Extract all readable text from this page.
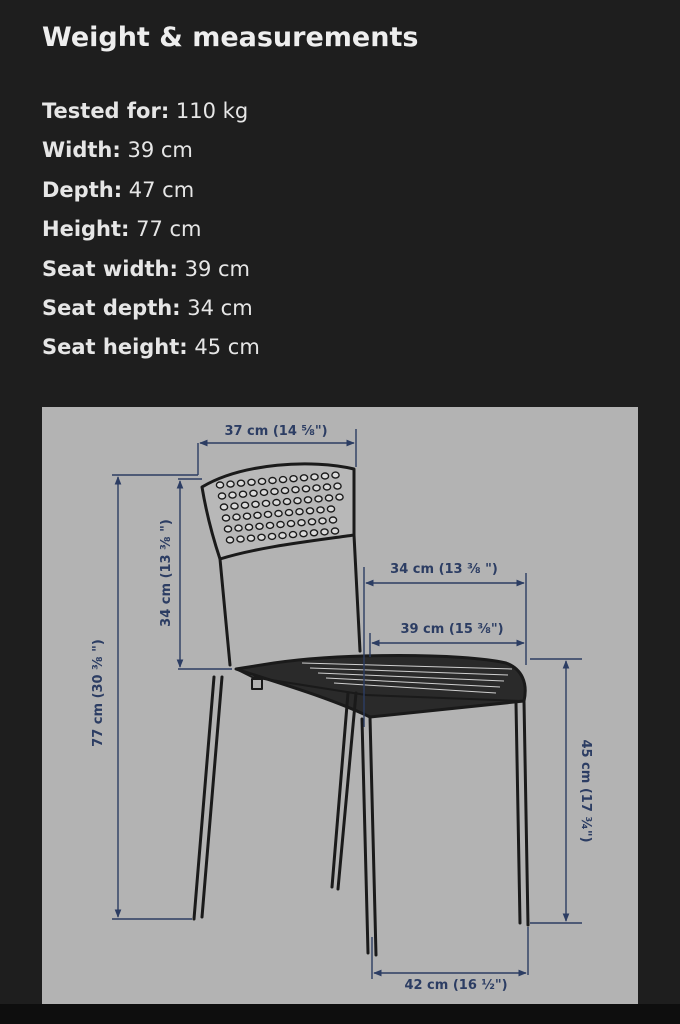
Weight & measurements
Tested for: 110 kg
Width: 39 cm
Depth: 47 cm
Height: 77 cm
Seat width: 39 cm
Seat depth: 34 cm
Seat height: 45 cm
37 cm (14 ⅝")
34 cm (13 ⅜ ")
77 cm (30 ⅜ ")
34 cm (13 ⅜ ")
39 cm (15 ⅜")
45 cm (17 ¾")
42 cm (16 ½")
